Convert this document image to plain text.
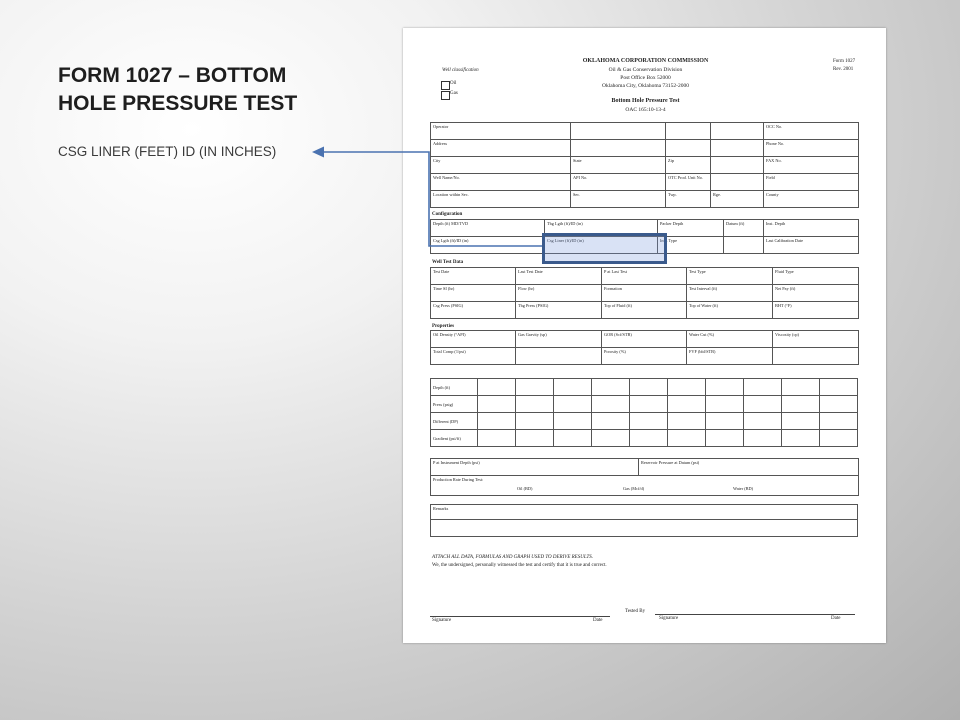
FORM 1027 – BOTTOM
HOLE PRESSURE TEST
CSG LINER (FEET) ID (IN INCHES)
Well classification
Oil
Gas
OKLAHOMA CORPORATION COMMISSION
Oil & Gas Conservation Division
Post Office Box 52000
Oklahoma City, Oklahoma 73152-2000
Bottom Hole Pressure Test
OAC 165:10-13-4
Form 1027
Rev. 2001
Operator				OCC No.
Address				Phone No.
City	State	Zip		FAX No.
Well Name/No.	API No.	OTC Prod. Unit No.		Field
Location within Sec.	Sec.	Twp.	Rge.	County
Configuration
Depth (ft) MD/TVD	Tbg Lgth (ft)/ID (in)	Packer Depth	Datum (ft)	Inst. Depth
Csg Lgth (ft)/ID (in)	Csg Liner (ft)/ID (in)	Inst. Type		Last Calibration Date
Well Test Data
Test Date	Last Test Date	P at Last Test	Test Type	Fluid Type
Time SI (hr)	Flow (hr)	Formation	Test Interval (ft)	Net Pay (ft)
Csg Press (PSIG)	Tbg Press (PSIG)	Top of Fluid (ft)	Top of Water (ft)	BHT (°F)
Properties
Oil Density (°API)	Gas Gravity (sp)	GOR (Scf/STB)	Water Cut (%)	Viscosity (cp)
Total Comp (1/psi)		Porosity (%)	FVF (bbl/STB)	
Depth (ft)										
Press (psig)										
Different (DP)										
Gradient (psi/ft)										
P at Instrument Depth (psi)	Reservoir Pressure at Datum (psi)
Production Rate During Test:
Oil (BD)	Gas (Mcf/d)	Water (BD)
Remarks

ATTACH ALL DATA, FORMULAS AND GRAPH USED TO DERIVE RESULTS.
We, the undersigned, personally witnessed the test and certify that it is true and correct.
Tested By
Signature	Date	Signature	Date
